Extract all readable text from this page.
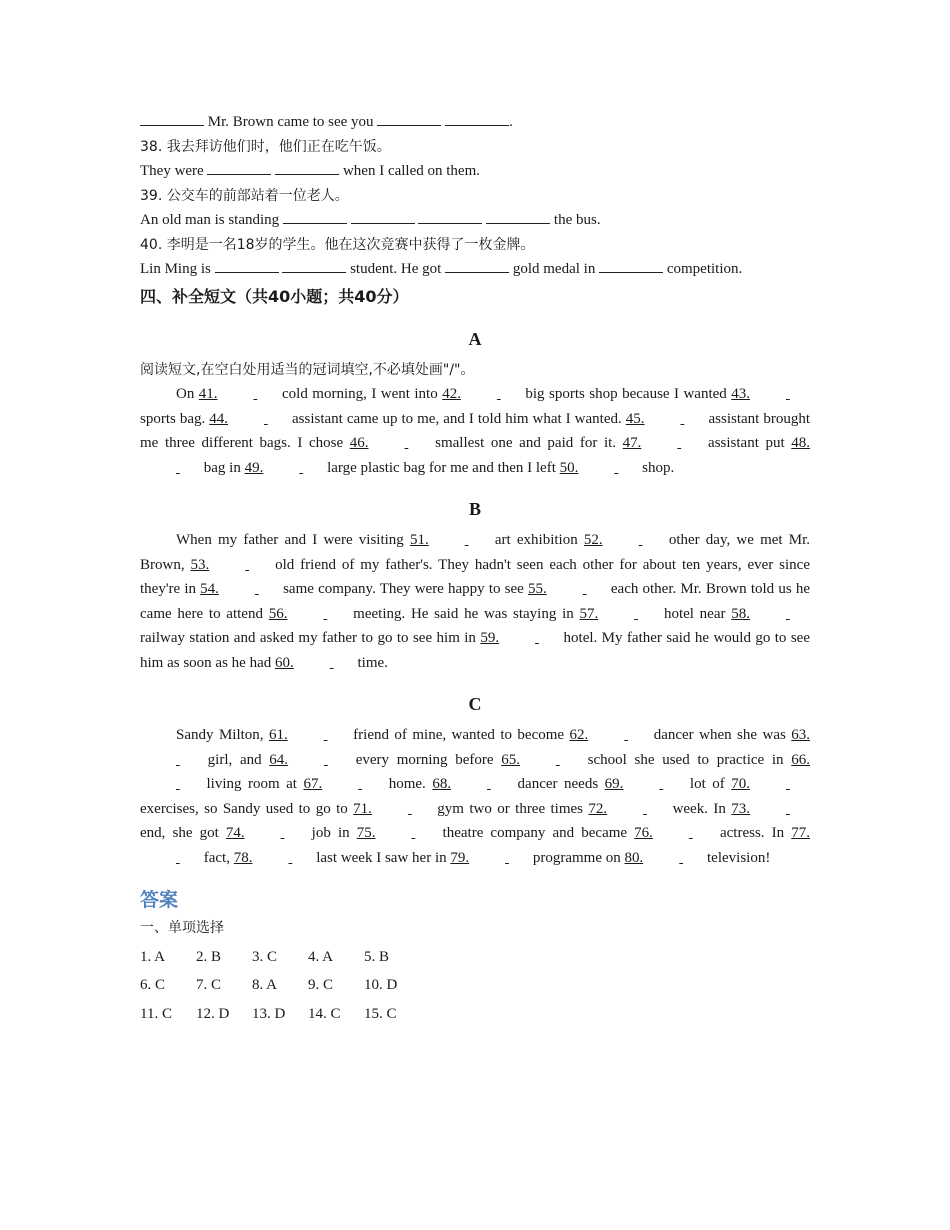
Mr. Brown came to see you	.
38. 我去拜访他们时，他们正在吃午饭。
They were	when I called on them.
39. 公交车的前部站着一位老人。
An old man is standing	the bus.
40. 李明是一名18岁的学生。他在这次竞赛中获得了一枚金牌。
Lin Ming is	student. He got	gold medal in	competition.
四、补全短文（共40小题；共40分）
A
阅读短文,在空白处用适当的冠词填空,不必填处画"/"。
On 41.	cold morning, I went into 42.	big sports shop because I wanted 43.  sports bag. 44.	assistant came up to me, and I told him what I wanted. 45.	assistant brought me three different bags. I chose 46.	smallest one and paid for it. 47.	assistant put 48.  bag in 49.	large plastic bag for me and then I left 50.	shop.
B
When my father and I were visiting 51.	art exhibition 52.	other day, we met Mr. Brown, 53.	old friend of my father's. They hadn't seen each other for about ten years, ever since they're in 54.	same company. They were happy to see 55.	each other. Mr. Brown told us he came here to attend 56.	meeting. He said he was staying in 57.	hotel near 58.  railway station and asked my father to go to see him in 59.	hotel. My father said he would go to see him as soon as he had 60.	time.
C
Sandy Milton, 61.	friend of mine, wanted to become 62.	dancer when she was 63.  girl, and 64.	every morning before 65.	school she used to practice in 66.  living room at 67.	home. 68.	dancer needs 69.	lot of 70.  exercises, so Sandy used to go to 71.	gym two or three times 72.	week. In 73.  end, she got 74.	job in 75.	theatre company and became 76.	actress. In 77.  fact, 78.	last week I saw her in 79.	programme on 80.	television!
答案
一、单项选择
1. A	2. B	3. C	4. A	5. B
6. C	7. C	8. A	9. C	10. D
11. C	12. D	13. D	14. C	15. C
